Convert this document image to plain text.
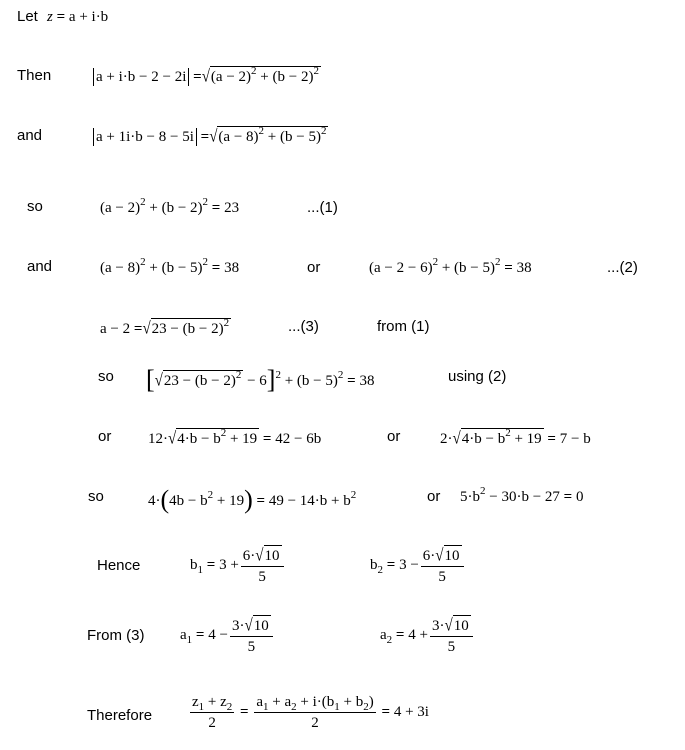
Let z = a + i·b
Then	$a + i\cdot b - 2 - 2i =√(a - 2)^2 + (b - 2)^2$
and	$a + 1i\cdot b - 8 - 5i =√(a - 8)^2 + (b - 5)^2$
so	$(a - 2)^2 + (b - 2)^2 = 23$	...(1)
and	$(a - 8)^2 + (b - 5)^2 = 38$	or	$(a - 2 - 6)^2 + (b - 5)^2 = 38$	...(2)
$a - 2 =√23 - (b - 2)^2$	...(3)	from (1)
so $[√23 - (b - 2)^2 - 6]^2 + (b - 5)^2 = 38$	using (2)
or $12\cdot√4\cdot b - b^2 + 19 = 42 - 6b$	or	$2\cdot√4\cdot b - b^2 + 19 = 7 - b$
so	$4\cdot(4b - b^2 + 19) = 49 - 14\cdot b + b^2$	or $5\cdot b^2 - 30\cdot b - 27 = 0$
Hence	$b_1 = 3 + \frac{6\cdot√10}{5}$	$b_2 = 3 - \frac{6\cdot√10}{5}$
From (3) $a_1 = 4 - \frac{3\cdot√10}{5}$	$a_2 = 4 + \frac{3\cdot√10}{5}$
Therefore	$\frac{z_1 + z_2}{2} = \frac{a_1 + a_2 + i\cdot(b_1 + b_2)}{2} = 4 + 3i$
